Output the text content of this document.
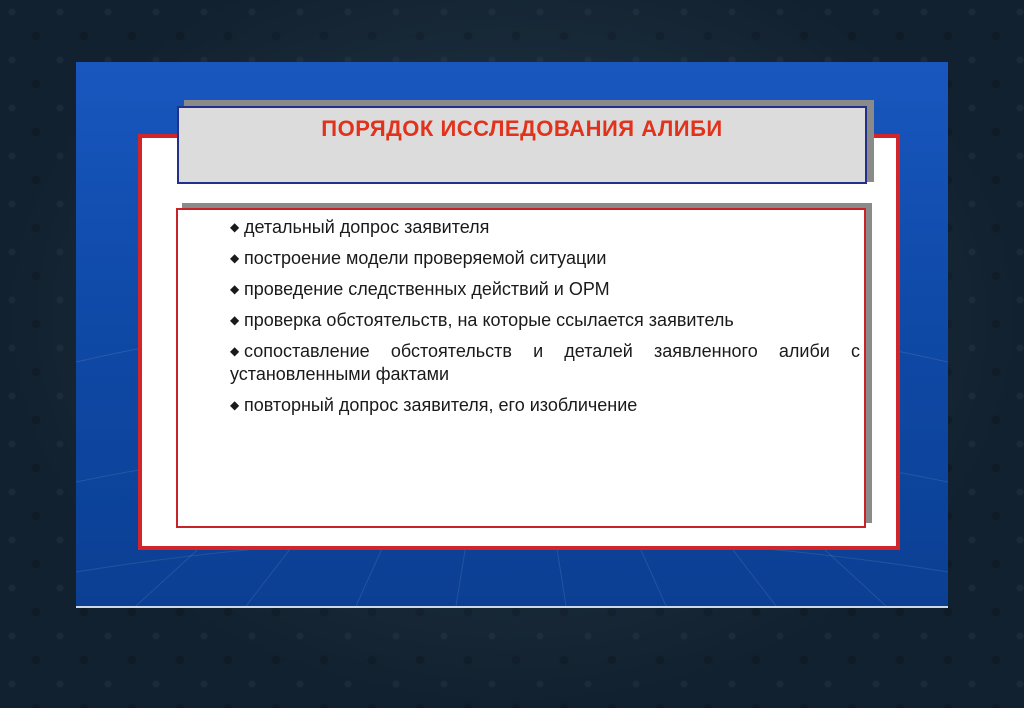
ПОРЯДОК ИССЛЕДОВАНИЯ АЛИБИ
◆ детальный допрос заявителя
◆ построение модели проверяемой ситуации
◆ проведение следственных действий и ОРМ
◆ проверка обстоятельств, на которые ссылается заявитель
◆ сопоставление обстоятельств и деталей заявленного алиби с установленными фактами
◆ повторный допрос заявителя, его изобличение
